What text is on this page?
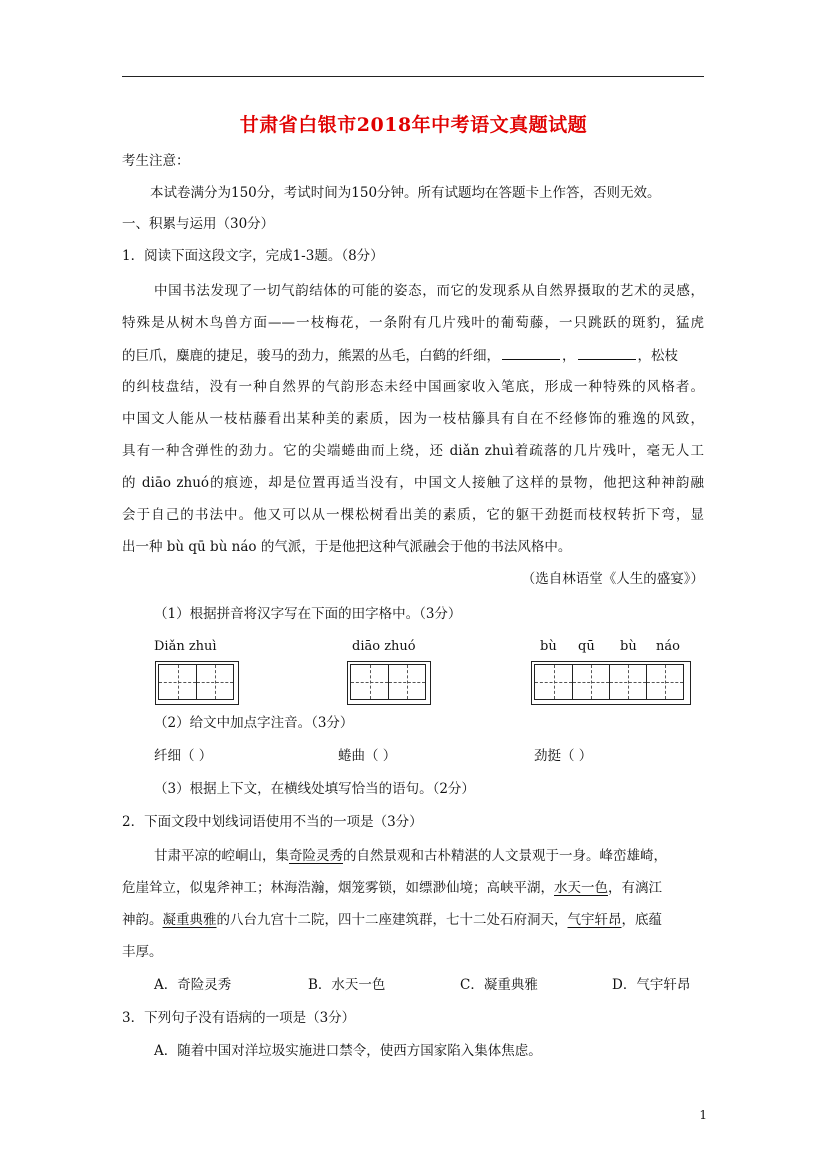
甘肃省白银市2018年中考语文真题试题
考生注意：
本试卷满分为150分，考试时间为150分钟。所有试题均在答题卡上作答，否则无效。
一、积累与运用（30分）
1．阅读下面这段文字，完成1-3题。（8分）
中国书法发现了一切气韵结体的可能的姿态，而它的发现系从自然界摄取的艺术的灵感，
特殊是从树木鸟兽方面——一枝梅花，一条附有几片残叶的葡萄藤，一只跳跃的斑豹，猛虎
的巨爪，麋鹿的捷足，骏马的劲力，熊罴的丛毛，白鹤的纤细，	，	，松枝
的纠枝盘结，没有一种自然界的气韵形态未经中国画家收入笔底，形成一种特殊的风格者。
中国文人能从一枝枯藤看出某种美的素质，因为一枝枯籐具有自在不经修饰的雅逸的风致，
具有一种含弹性的劲力。它的尖端蜷曲而上绕，还 diǎn zhuì着疏落的几片残叶，毫无人工
的 diāo zhuó的痕迹，却是位置再适当没有，中国文人接触了这样的景物，他把这种神韵融
会于自己的书法中。他又可以从一棵松树看出美的素质，它的躯干劲挺而枝杈转折下弯，显
出一种 bù qū bù náo 的气派，于是他把这种气派融会于他的书法风格中。
（选自林语堂《人生的盛宴》）
（1）根据拼音将汉字写在下面的田字格中。（3分）
Diǎn zhuì	diāo zhuó	bù qū bù náo
（2）给文中加点字注音。（3分）
纤细（ ）	蜷曲（ ）	劲挺（ ）
（3）根据上下文，在横线处填写恰当的语句。（2分）
2．下面文段中划线词语使用不当的一项是（3分）
甘肃平凉的崆峒山，集奇险灵秀的自然景观和古朴精湛的人文景观于一身。峰峦雄崎，
危崖耸立，似鬼斧神工；林海浩瀚，烟笼雾锁，如缥渺仙境；高峡平湖，水天一色，有漓江
神韵。凝重典雅的八台九宫十二院，四十二座建筑群，七十二处石府洞天，气宇轩昂，底蕴
丰厚。
A．奇险灵秀	B．水天一色	C．凝重典雅	D．气宇轩昂
3．下列句子没有语病的一项是（3分）
A．随着中国对洋垃圾实施进口禁令，使西方国家陷入集体焦虑。
1
